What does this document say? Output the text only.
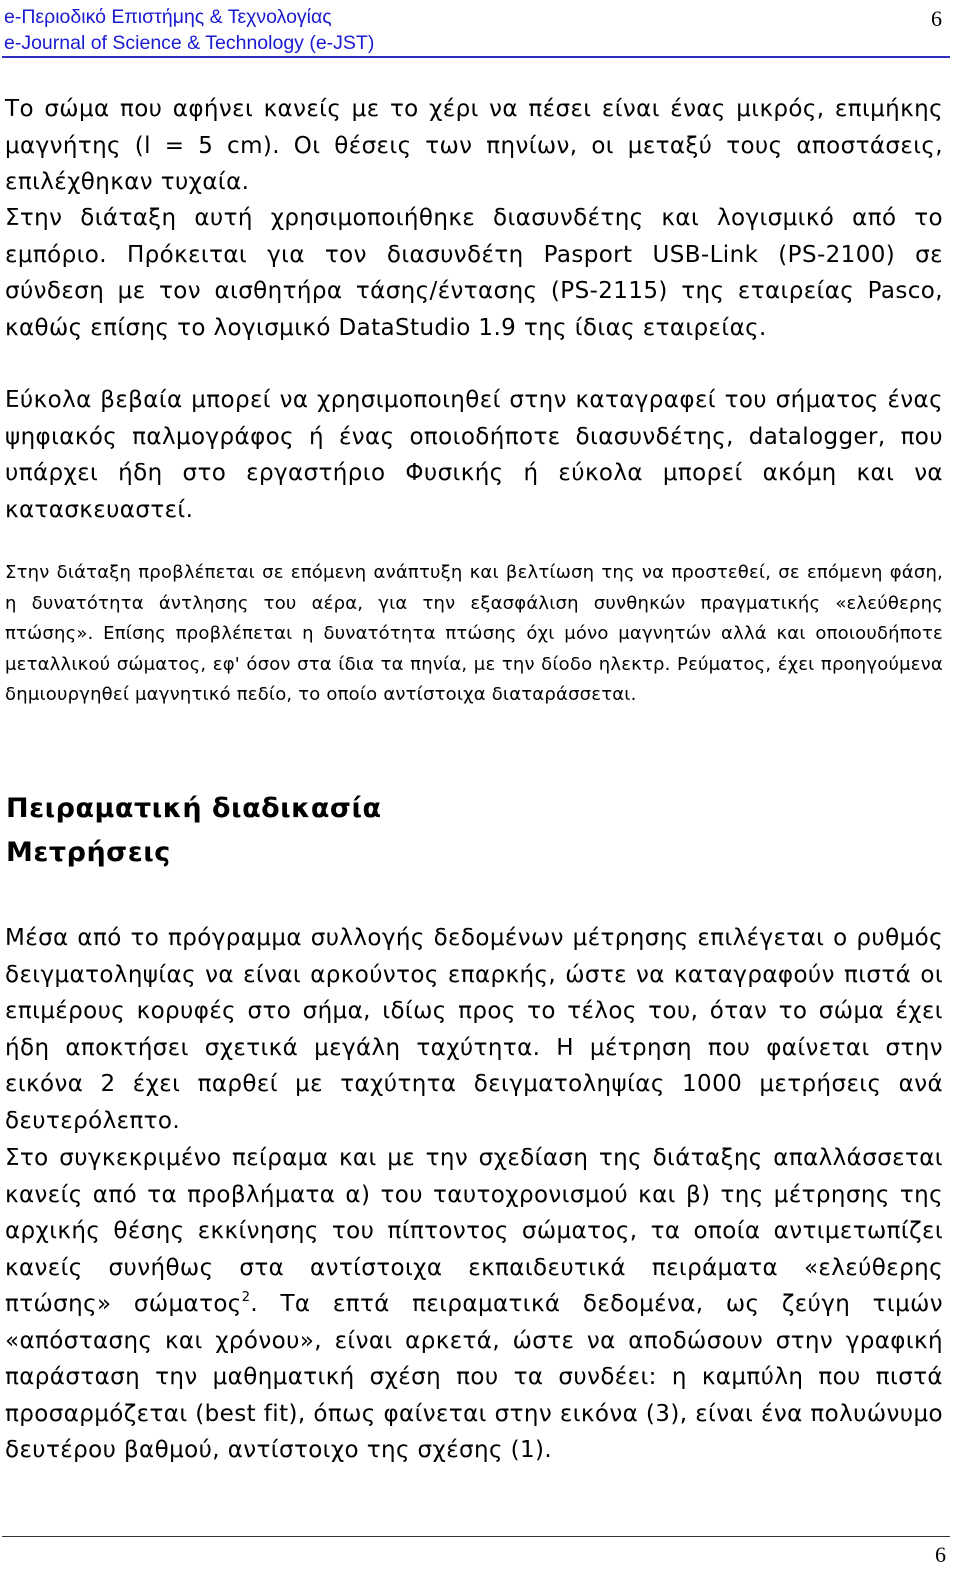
e-Περιοδικό Επιστήμης & Τεχνολογίας
e-Journal of Science & Technology (e-JST)
6

Το σώμα που αφήνει κανείς με το χέρι να πέσει είναι ένας μικρός, επιμήκης μαγνήτης (l = 5 cm). Οι θέσεις των πηνίων, οι μεταξύ τους αποστάσεις, επιλέχθηκαν τυχαία.

Στην διάταξη αυτή χρησιμοποιήθηκε διασυνδέτης και λογισμικό από το εμπόριο. Πρόκειται για τον διασυνδέτη Pasport USB-Link (PS-2100) σε σύνδεση με τον αισθητήρα τάσης/έντασης (PS-2115) της εταιρείας Pasco, καθώς επίσης το λογισμικό DataStudio 1.9 της ίδιας εταιρείας.

Εύκολα βεβαία μπορεί να χρησιμοποιηθεί στην καταγραφεί του σήματος ένας ψηφιακός παλμογράφος ή ένας οποιοδήποτε διασυνδέτης, datalogger, που υπάρχει ήδη στο εργαστήριο Φυσικής ή εύκολα μπορεί ακόμη και να κατασκευαστεί.

Στην διάταξη προβλέπεται σε επόμενη ανάπτυξη και βελτίωση της να προστεθεί, σε επόμενη φάση, η δυνατότητα άντλησης του αέρα, για την εξασφάλιση συνθηκών πραγματικής «ελεύθερης πτώσης». Επίσης προβλέπεται η δυνατότητα πτώσης όχι μόνο μαγνητών αλλά και οποιουδήποτε μεταλλικού σώματος, εφ' όσον στα ίδια τα πηνία, με την δίοδο ηλεκτρ. Ρεύματος, έχει προηγούμενα δημιουργηθεί μαγνητικό πεδίο, το οποίο αντίστοιχα διαταράσσεται.

Πειραματική διαδικασία
Μετρήσεις

Μέσα από το πρόγραμμα συλλογής δεδομένων μέτρησης επιλέγεται ο ρυθμός δειγματοληψίας να είναι αρκούντος επαρκής, ώστε να καταγραφούν πιστά οι επιμέρους κορυφές στο σήμα, ιδίως προς το τέλος του, όταν το σώμα έχει ήδη αποκτήσει σχετικά μεγάλη ταχύτητα. Η μέτρηση που φαίνεται στην εικόνα 2 έχει παρθεί με ταχύτητα δειγματοληψίας 1000 μετρήσεις ανά δευτερόλεπτο.

Στο συγκεκριμένο πείραμα και με την σχεδίαση της διάταξης απαλλάσσεται κανείς από τα προβλήματα α) του ταυτοχρονισμού και β) της μέτρησης της αρχικής θέσης εκκίνησης του πίπτοντος σώματος, τα οποία αντιμετωπίζει κανείς συνήθως στα αντίστοιχα εκπαιδευτικά πειράματα «ελεύθερης πτώσης» σώματος$^2$. Τα επτά πειραματικά δεδομένα, ως ζεύγη τιμών «απόστασης και χρόνου», είναι αρκετά, ώστε να αποδώσουν στην γραφική παράσταση την μαθηματική σχέση που τα συνδέει: η καμπύλη που πιστά προσαρμόζεται (best fit), όπως φαίνεται στην εικόνα (3), είναι ένα πολυώνυμο δευτέρου βαθμού, αντίστοιχο της σχέσης (1).

6
